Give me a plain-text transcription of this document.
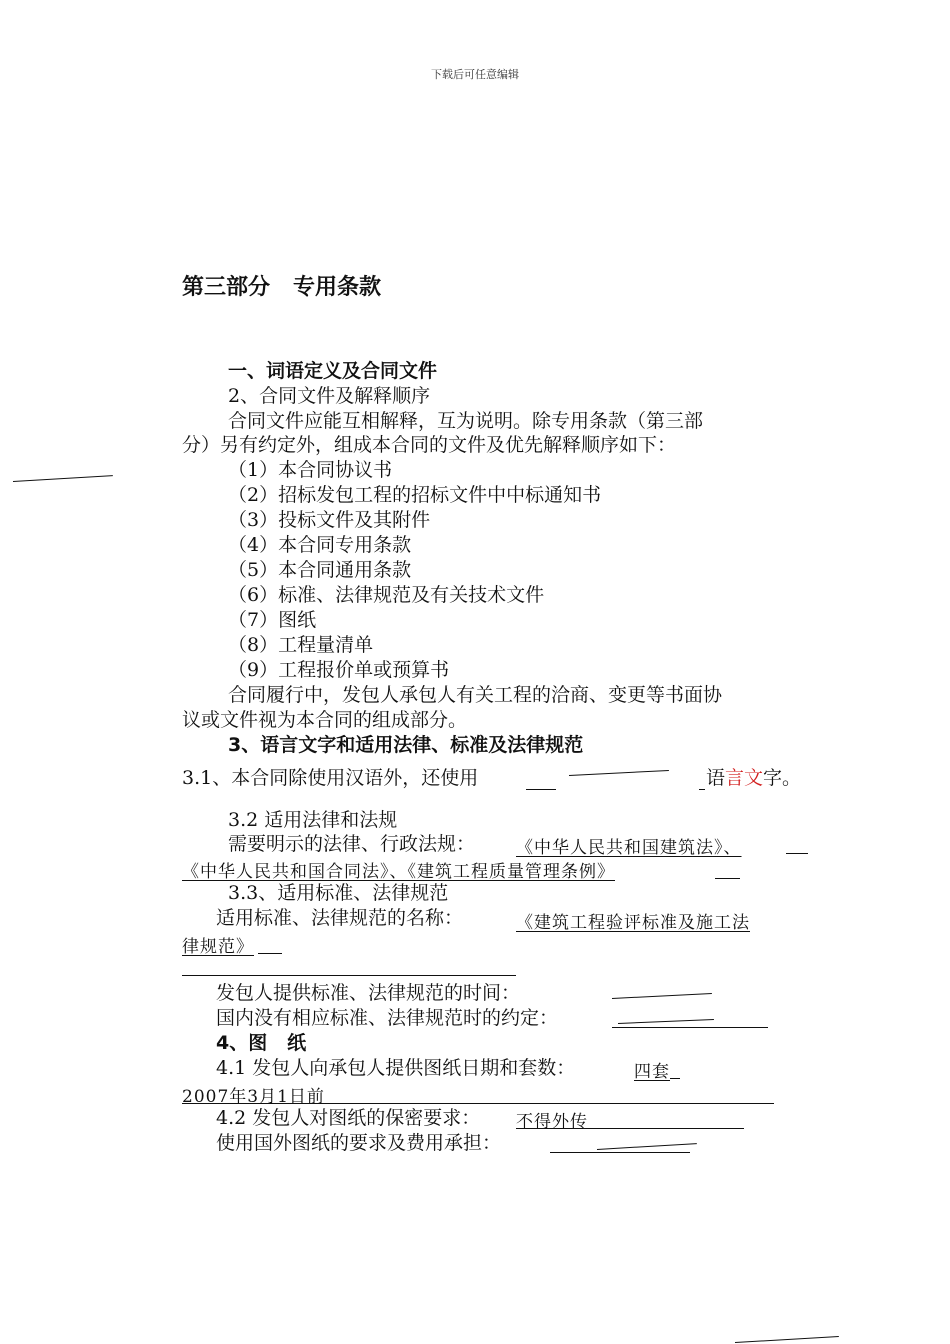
下载后可任意编辑
第三部分   专用条款
一、词语定义及合同文件
2、合同文件及解释顺序
合同文件应能互相解释，互为说明。除专用条款（第三部
分）另有约定外，组成本合同的文件及优先解释顺序如下：
（1）本合同协议书
（2）招标发包工程的招标文件中中标通知书
（3）投标文件及其附件
（4）本合同专用条款
（5）本合同通用条款
（6）标准、法律规范及有关技术文件
（7）图纸
（8）工程量清单
（9）工程报价单或预算书
合同履行中，发包人承包人有关工程的洽商、变更等书面协
议或文件视为本合同的组成部分。
3、语言文字和适用法律、标准及法律规范
3.1、本合同除使用汉语外，还使用	语言文字。
3.2 适用法律和法规
需要明示的法律、行政法规： 《中华人民共和国建筑法》、
《中华人民共和国合同法》、《建筑工程质量管理条例》
3.3、适用标准、法律规范
适用标准、法律规范的名称：	《建筑工程验评标准及施工法
律规范》
发包人提供标准、法律规范的时间：
国内没有相应标准、法律规范时的约定：
4、图   纸
4.1 发包人向承包人提供图纸日期和套数：	四套
2007年3月1日前
4.2 发包人对图纸的保密要求： 不得外传
使用国外图纸的要求及费用承担：
